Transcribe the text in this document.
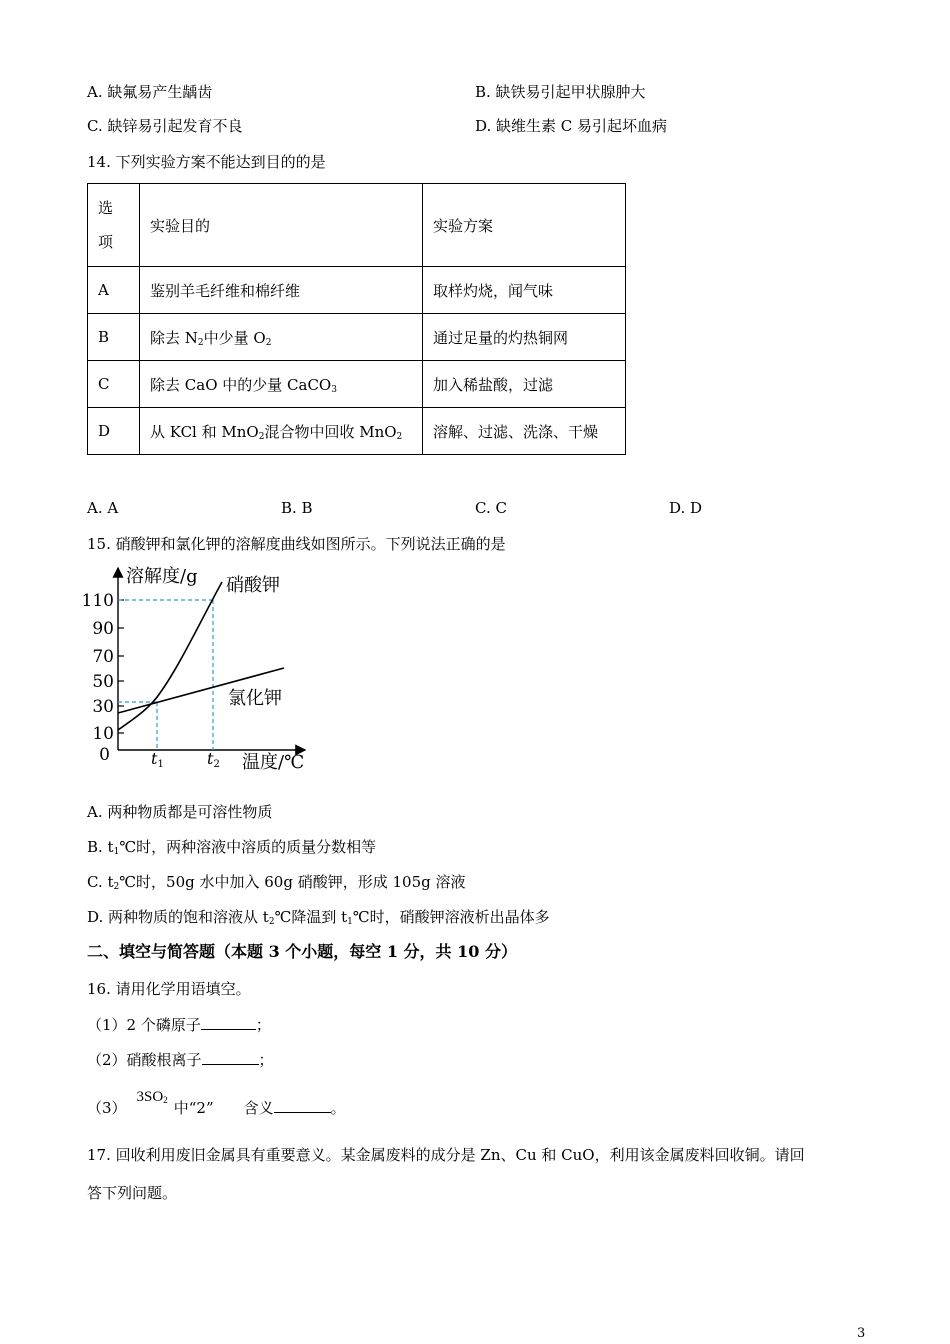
A. 缺氟易产生龋齿	B. 缺铁易引起甲状腺肿大
C. 缺锌易引起发育不良	D. 缺维生素 C 易引起坏血病
14. 下列实验方案不能达到目的的是
选
项	实验目的	实验方案
A	鉴别羊毛纤维和棉纤维	取样灼烧，闻气味
B	除去 $N_2$中少量 $O_2$	通过足量的灼热铜网
C	除去 CaO 中的少量 CaCO$_3$	加入稀盐酸，过滤
D	从 KCl 和 MnO$_2$混合物中回收 MnO$_2$	溶解、过滤、洗涤、干燥
A. A	B. B	C. C	D. D
15. 硝酸钾和氯化钾的溶解度曲线如图所示。下列说法正确的是
110
90
70
50
30
10
0
溶解度/g
温度/℃
t1	t2
硝酸钾
氯化钾
A. 两种物质都是可溶性物质
B. $t_1℃$时，两种溶液中溶质的质量分数相等
C. $t_2℃$时，50g 水中加入 60g 硝酸钾，形成 105g 溶液
D. 两种物质的饱和溶液从 $t_2℃$降温到 $t_1℃$时，硝酸钾溶液析出晶体多
二、填空与简答题（本题 3 个小题，每空 1 分，共 10 分）
16. 请用化学用语填空。
（1）2 个磷原子	；
（2）硝酸根离子	；
$(3)3SO_2$ 中“2” 含义	。
17. 回收利用废旧金属具有重要意义。某金属废料的成分是 Zn、Cu 和 CuO，利用该金属废料回收铜。请回
答下列问题。
3
